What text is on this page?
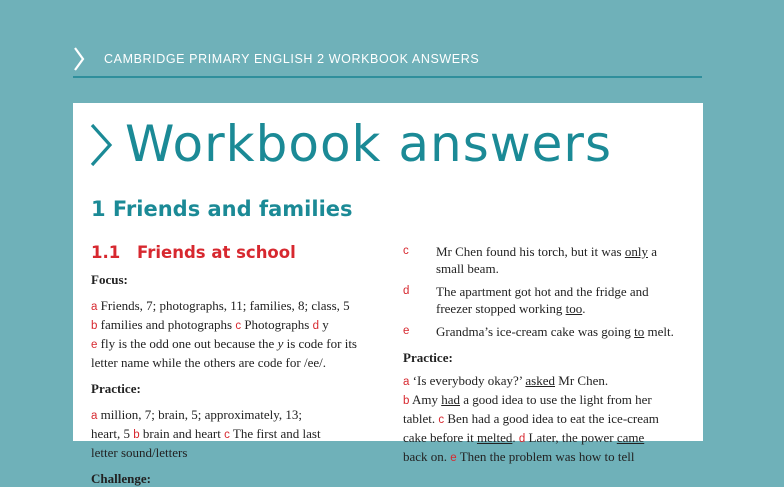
CAMBRIDGE PRIMARY ENGLISH 2 WORKBOOK ANSWERS
Workbook answers
1 Friends and families
1.1 Friends at school

Focus:

a Friends, 7; photographs, 11; families, 8; class, 5

b families and photographs c Photographs d y

e fly is the odd one out because the y is code for its

letter name while the others are code for /ee/.

Practice:

a million, 7; brain, 5; approximately, 13;

heart, 5 b brain and heart c The first and last

letter sound/letters

Challenge:

c Mr Chen found his torch, but it was only a

small beam.

d The apartment got hot and the fridge and

freezer stopped working too.

e Grandma’s ice-cream cake was going to melt.

Practice:

a ‘Is everybody okay?’ asked Mr Chen.

b Amy had a good idea to use the light from her

tablet. c Ben had a good idea to eat the ice-cream

cake before it melted. d Later, the power came

back on. e Then the problem was how to tell
